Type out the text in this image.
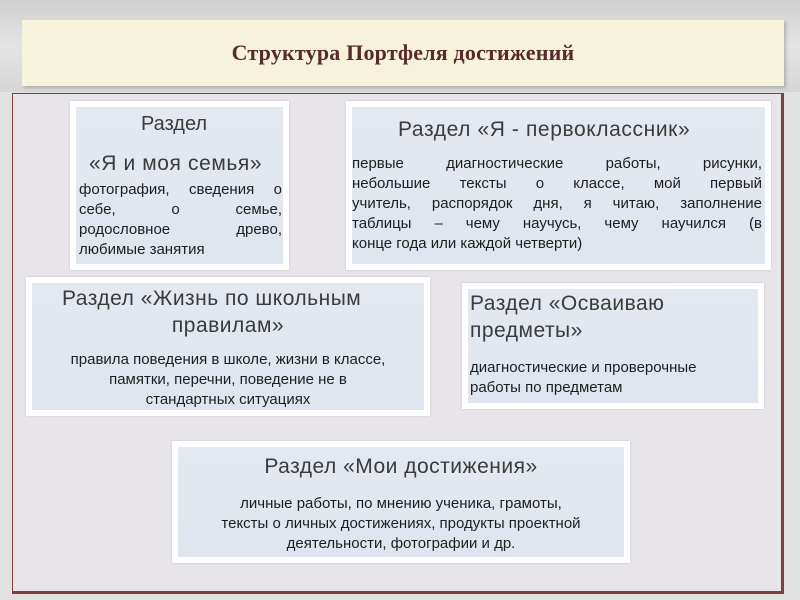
Структура Портфеля достижений
Раздел
«Я и моя семья»
фотография, сведения о
себе, о семье,
родословное древо,
любимые занятия
Раздел «Я - первоклассник»
первые диагностические работы, рисунки,
небольшие тексты о классе, мой первый
учитель, распорядок дня, я читаю, заполнение
таблицы – чему научусь, чему научился (в
конце года или каждой четверти)
Раздел «Жизнь по школьным
правилам»
правила поведения в школе, жизни в классе,
памятки, перечни, поведение не в
стандартных ситуациях
Раздел «Осваиваю
предметы»
диагностические и проверочные
работы по предметам
Раздел «Мои достижения»
личные работы, по мнению ученика, грамоты,
тексты о личных достижениях, продукты проектной
деятельности, фотографии и др.
